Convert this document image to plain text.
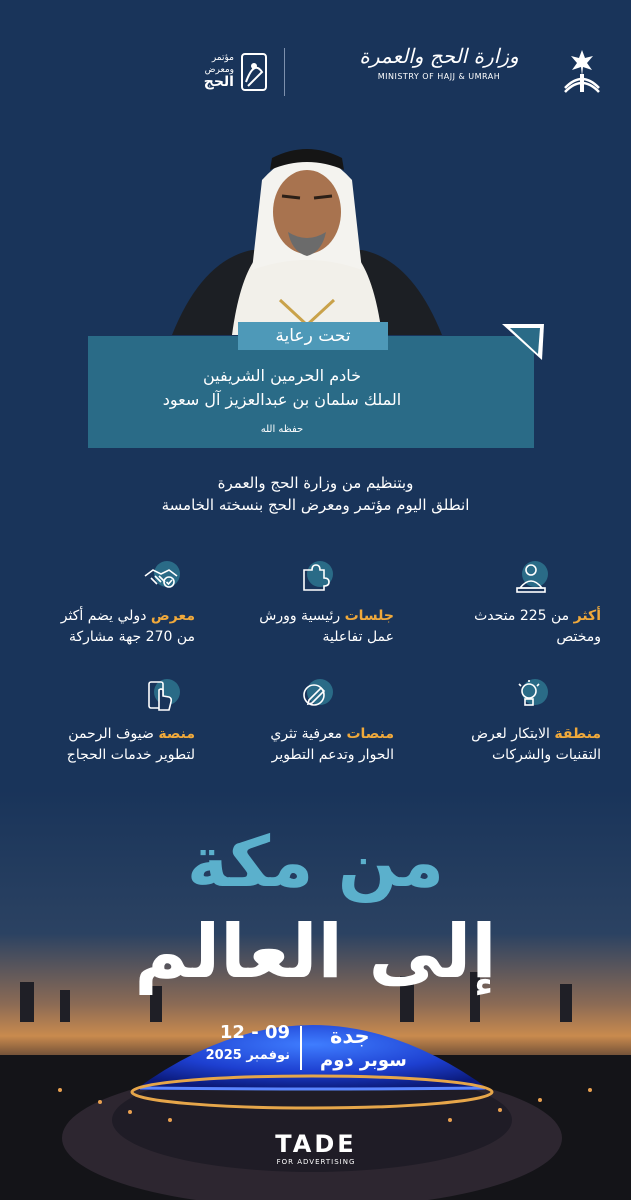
وزارة الحج والعمرة
MINISTRY OF HAJJ & UMRAH
مؤتمر
ومعرض
الحج
خادم الحرمين الشريفين
الملك سلمان بن عبدالعزيز آل سعود
حفظه الله
تحت رعاية
وبتنظيم من وزارة الحج والعمرة
انطلق اليوم مؤتمر ومعرض الحج بنسخته الخامسة
أكثر من 225 متحدث
ومختص
جلسات رئيسية وورش
عمل تفاعلية
معرض دولي يضم أكثر
من 270 جهة مشاركة
منطقة الابتكار لعرض
التقنيات والشركات
منصات معرفية تثري
الحوار وتدعم التطوير
منصة ضيوف الرحمن
لتطوير خدمات الحجاج
من مكة
إلى العالم
جدة
سوبر دوم
12 - 09
نوفمبر 2025
TADE
FOR ADVERTISING
